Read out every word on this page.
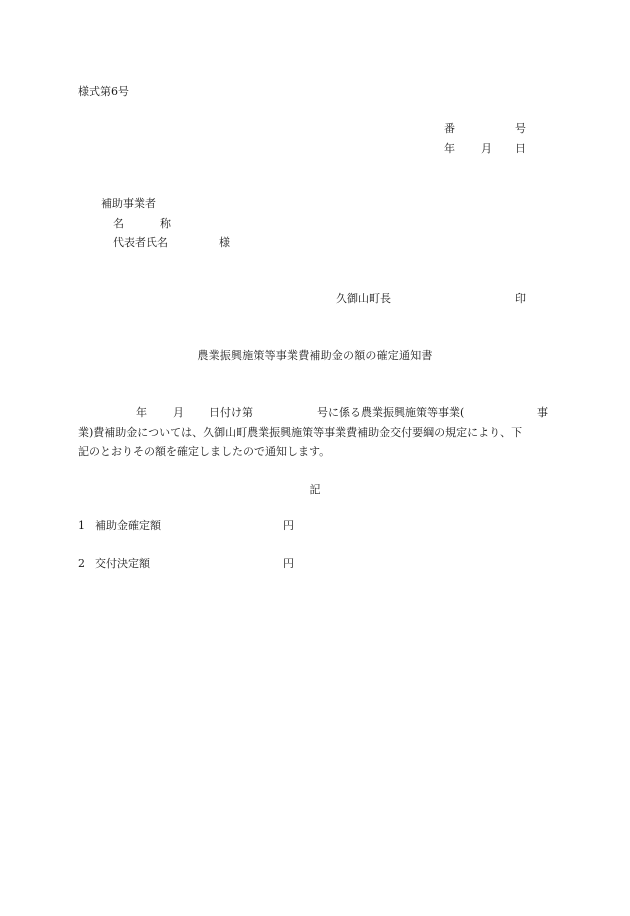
様式第6号
番	号
年 月 日
補助事業者
名	称
代表者氏名	様
久御山町長	印
農業振興施策等事業費補助金の額の確定通知書
年 月 日付け第	号に係る農業振興施策等事業(	事
業)費補助金については、久御山町農業振興施策等事業費補助金交付要綱の規定により、下
記のとおりその額を確定しましたので通知します。
記
1 補助金確定額	円
2 交付決定額	円
